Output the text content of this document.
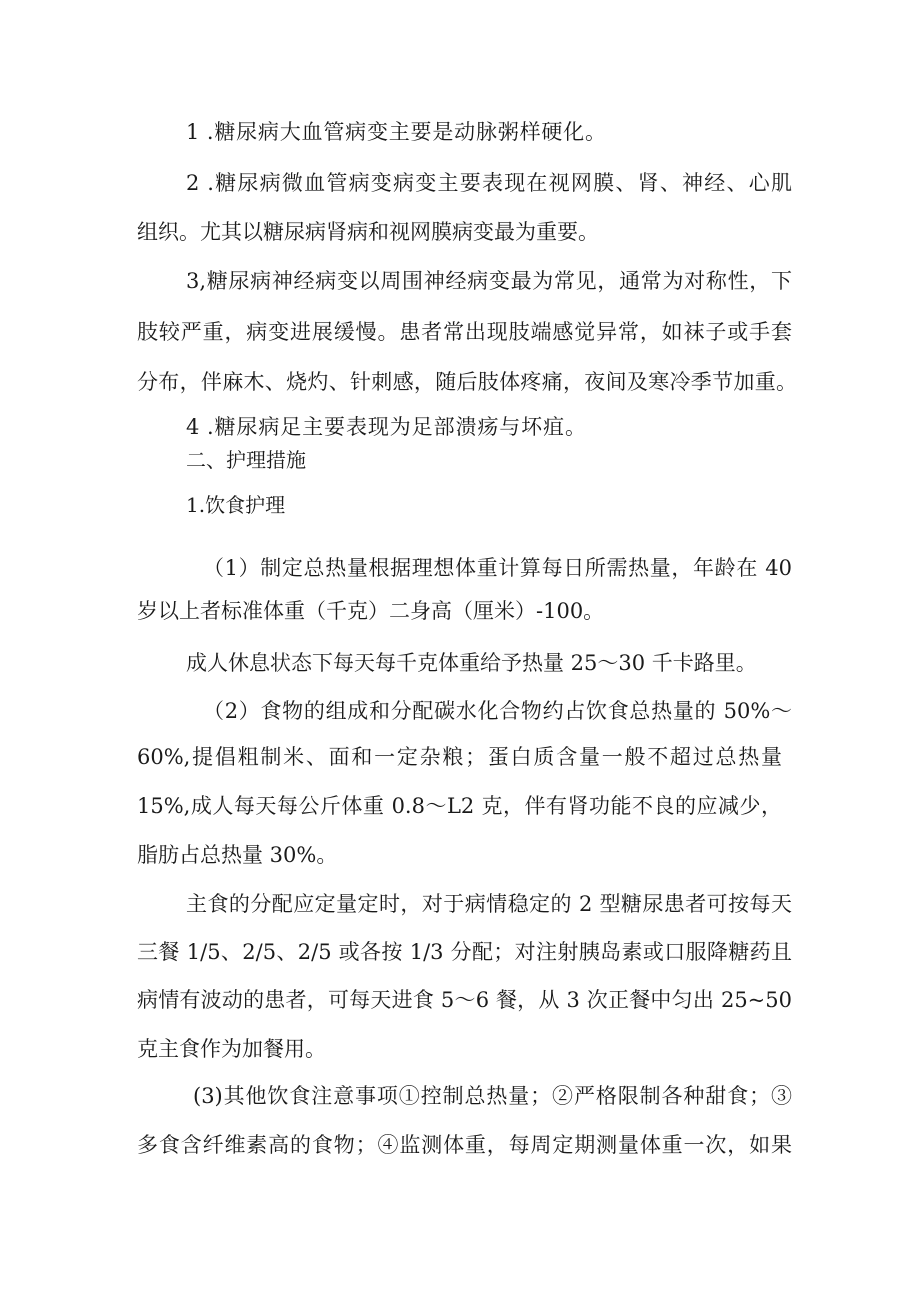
1 .糖尿病大血管病变主要是动脉粥样硬化。
2 .糖尿病微血管病变病变主要表现在视网膜、肾、神经、心肌
组织。尤其以糖尿病肾病和视网膜病变最为重要。
3,糖尿病神经病变以周围神经病变最为常见，通常为对称性，下
肢较严重，病变进展缓慢。患者常出现肢端感觉异常，如袜子或手套
分布，伴麻木、烧灼、针刺感，随后肢体疼痛，夜间及寒冷季节加重。
4 .糖尿病足主要表现为足部溃疡与坏疽。
二、护理措施
1.饮食护理
（1）制定总热量根据理想体重计算每日所需热量，年龄在 40
岁以上者标准体重（千克）二身高（厘米）-100。
成人休息状态下每天每千克体重给予热量 25～30 千卡路里。
（2）食物的组成和分配碳水化合物约占饮食总热量的 50%～
60%,提倡粗制米、面和一定杂粮；蛋白质含量一般不超过总热量
15%,成人每天每公斤体重 0.8～L2 克，伴有肾功能不良的应减少，
脂肪占总热量 30%。
主食的分配应定量定时，对于病情稳定的 2 型糖尿患者可按每天
三餐 1/5、2/5、2/5 或各按 1/3 分配；对注射胰岛素或口服降糖药且
病情有波动的患者，可每天进食 5～6 餐，从 3 次正餐中匀出 25~50
克主食作为加餐用。
(3)其他饮食注意事项①控制总热量；②严格限制各种甜食；③
多食含纤维素高的食物；④监测体重，每周定期测量体重一次，如果
